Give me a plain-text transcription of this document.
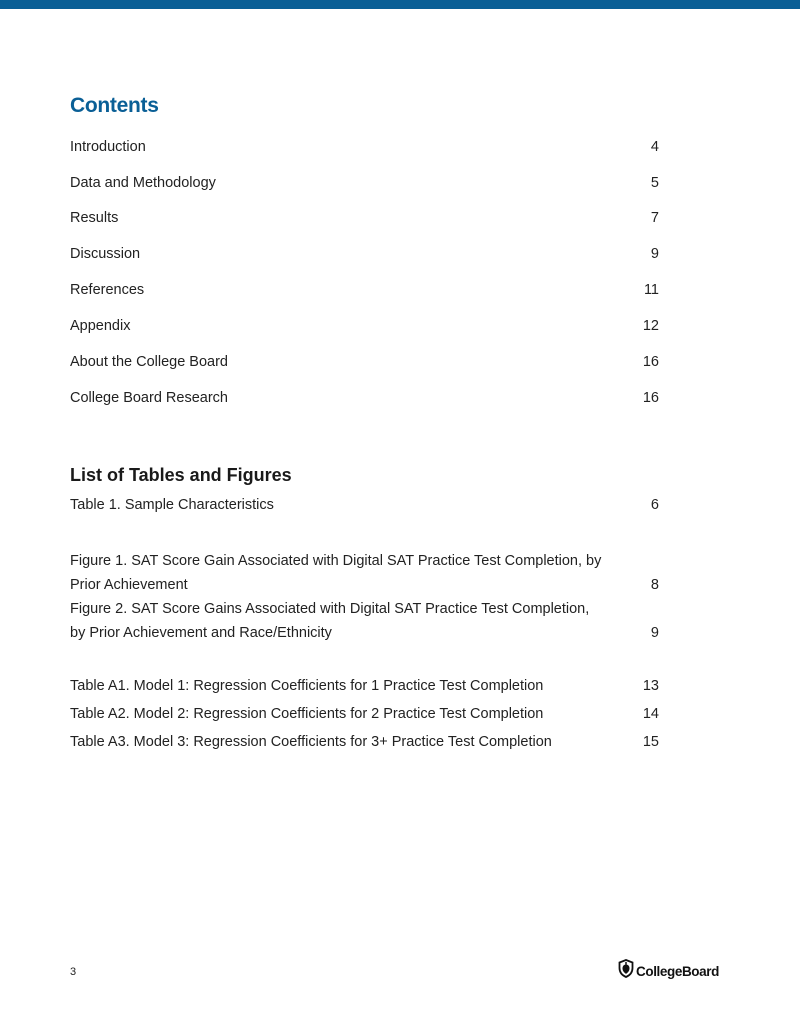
Contents
Introduction	4
Data and Methodology	5
Results	7
Discussion	9
References	11
Appendix	12
About the College Board	16
College Board Research	16
List of Tables and Figures
Table 1. Sample Characteristics	6
Figure 1. SAT Score Gain Associated with Digital SAT Practice Test Completion, by
Prior Achievement	8
Figure 2. SAT Score Gains Associated with Digital SAT Practice Test Completion,
by Prior Achievement and Race/Ethnicity	9
Table A1. Model 1: Regression Coefficients for 1 Practice Test Completion	13
Table A2. Model 2: Regression Coefficients for 2 Practice Test Completion	14
Table A3. Model 3: Regression Coefficients for 3+ Practice Test Completion	15
3	CollegeBoard
